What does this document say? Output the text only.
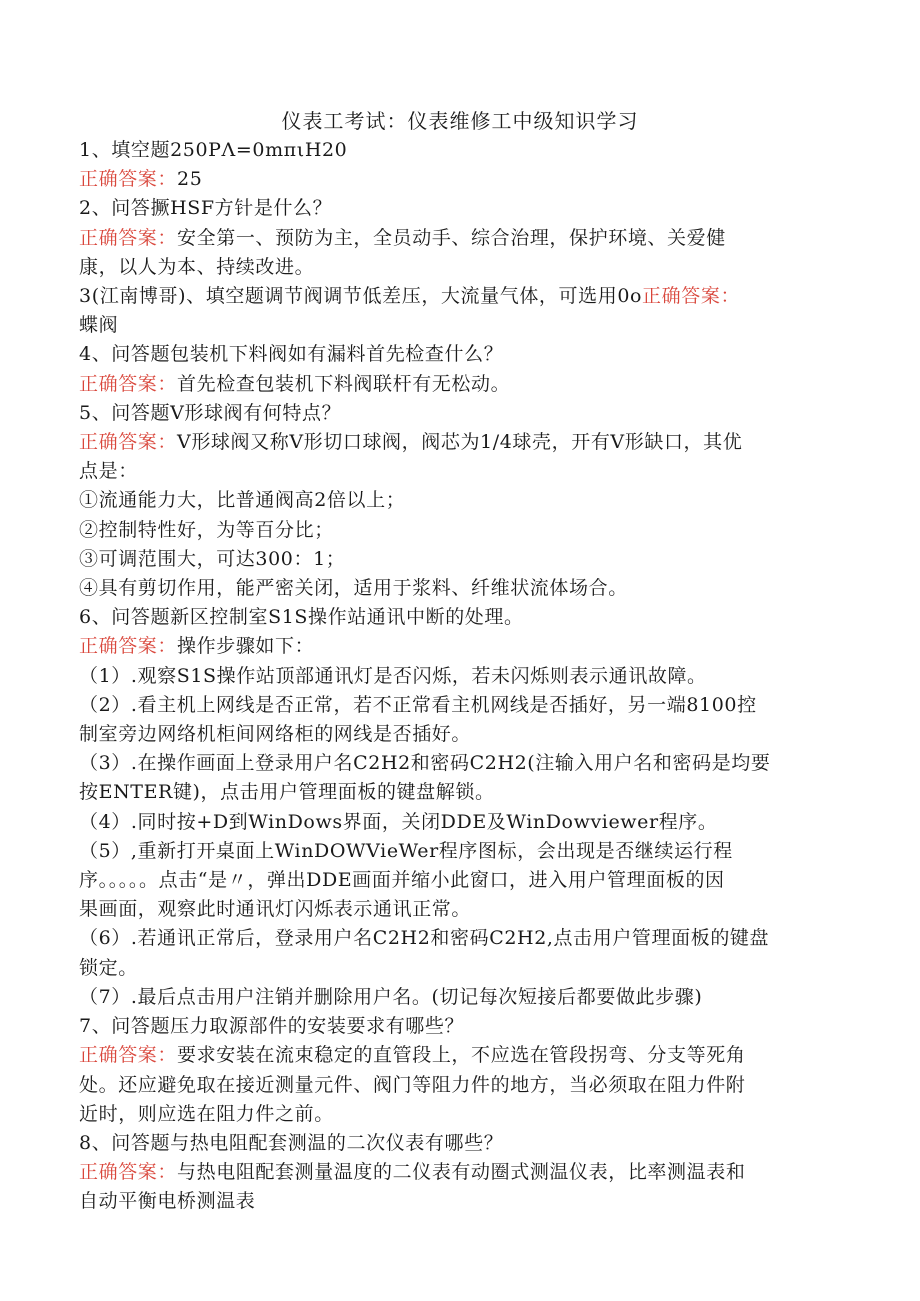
仪表工考试：仪表维修工中级知识学习
1、填空题250PΛ=0mπιH20
正确答案：25
2、问答撅HSF方针是什么？
正确答案：安全第一、预防为主，全员动手、综合治理，保护环境、关爱健
康，以人为本、持续改进。
3(江南博哥)、填空题调节阀调节低差压，大流量气体，可选用0o正确答案：
蝶阀
4、问答题包装机下料阀如有漏料首先检查什么？
正确答案：首先检查包装机下料阀联杆有无松动。
5、问答题V形球阀有何特点？
正确答案：V形球阀又称V形切口球阀，阀芯为1/4球壳，开有V形缺口，其优
点是：
①流通能力大，比普通阀高2倍以上；
②控制特性好，为等百分比；
③可调范围大，可达300：1；
④具有剪切作用，能严密关闭，适用于浆料、纤维状流体场合。
6、问答题新区控制室S1S操作站通讯中断的处理。
正确答案：操作步骤如下：
（1）.观察S1S操作站顶部通讯灯是否闪烁，若未闪烁则表示通讯故障。
（2）.看主机上网线是否正常，若不正常看主机网线是否插好，另一端8100控
制室旁边网络机柜间网络柜的网线是否插好。
（3）.在操作画面上登录用户名C2H2和密码C2H2(注输入用户名和密码是均要
按ENTER键)，点击用户管理面板的键盘解锁。
（4）.同时按+D到WinDows界面，关闭DDE及WinDowviewer程序。
（5）,重新打开桌面上WinDOWVieWer程序图标，会出现是否继续运行程
序。。。。。点击“是〃，弹出DDE画面并缩小此窗口，进入用户管理面板的因
果画面，观察此时通讯灯闪烁表示通讯正常。
（6）.若通讯正常后，登录用户名C2H2和密码C2H2,点击用户管理面板的键盘
锁定。
（7）.最后点击用户注销并删除用户名。(切记每次短接后都要做此步骤)
7、问答题压力取源部件的安装要求有哪些？
正确答案：要求安装在流束稳定的直管段上，不应选在管段拐弯、分支等死角
处。还应避免取在接近测量元件、阀门等阻力件的地方，当必须取在阻力件附
近时，则应选在阻力件之前。
8、问答题与热电阻配套测温的二次仪表有哪些？
正确答案：与热电阻配套测量温度的二仪表有动圈式测温仪表，比率测温表和
自动平衡电桥测温表
